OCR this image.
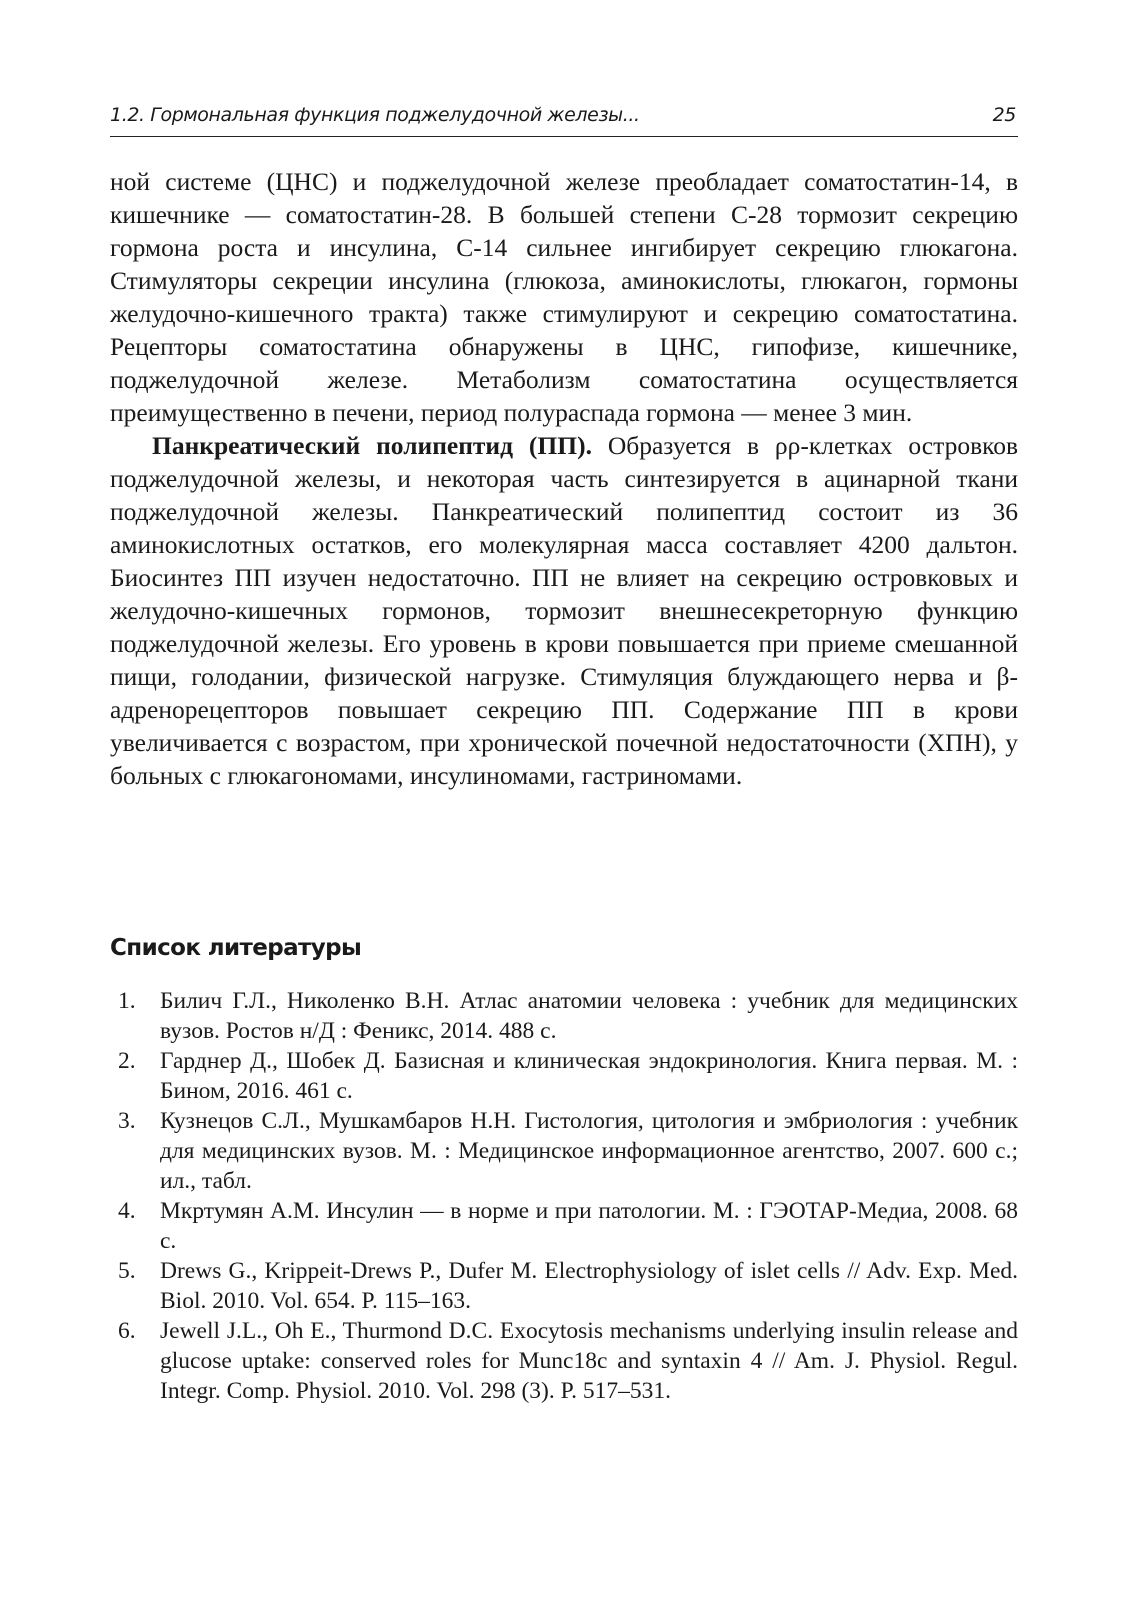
1.2. Гормональная функция поджелудочной железы...	25

ной системе (ЦНС) и поджелудочной железе преобладает соматостатин-14, в кишечнике — соматостатин-28. В большей степени С-28 тормозит секрецию гормона роста и инсулина, С-14 сильнее ингибирует секрецию глюкагона. Стимуляторы секреции инсулина (глюкоза, аминокислоты, глюкагон, гормоны желудочно-кишечного тракта) также стимулируют и секрецию соматостатина. Рецепторы соматостатина обнаружены в ЦНС, гипофизе, кишечнике, поджелудочной железе. Метаболизм соматостатина осуществляется преимущественно в печени, период полураспада гормона — менее 3 мин.

Панкреатический полипептид (ПП). Образуется в ρρ-клетках островков поджелудочной железы, и некоторая часть синтезируется в ацинарной ткани поджелудочной железы. Панкреатический полипептид состоит из 36 аминокислотных остатков, его молекулярная масса составляет 4200 дальтон. Биосинтез ПП изучен недостаточно. ПП не влияет на секрецию островковых и желудочно-кишечных гормонов, тормозит внешнесекреторную функцию поджелудочной железы. Его уровень в крови повышается при приеме смешанной пищи, голодании, физической нагрузке. Стимуляция блуждающего нерва и β-адренорецепторов повышает секрецию ПП. Содержание ПП в крови увеличивается с возрастом, при хронической почечной недостаточности (ХПН), у больных с глюкагономами, инсулиномами, гастриномами.

Список литературы
1. Билич Г.Л., Николенко В.Н. Атлас анатомии человека : учебник для медицинских вузов. Ростов н/Д : Феникс, 2014. 488 с.
2. Гарднер Д., Шобек Д. Базисная и клиническая эндокринология. Книга первая. М. : Бином, 2016. 461 с.
3. Кузнецов С.Л., Мушкамбаров Н.Н. Гистология, цитология и эмбриология : учебник для медицинских вузов. М. : Медицинское информационное агентство, 2007. 600 с.; ил., табл.
4. Мкртумян А.М. Инсулин — в норме и при патологии. М. : ГЭОТАР-Медиа, 2008. 68 с.
5. Drews G., Krippeit-Drews P., Dufer M. Electrophysiology of islet cells // Adv. Exp. Med. Biol. 2010. Vol. 654. P. 115–163.
6. Jewell J.L., Oh E., Thurmond D.C. Exocytosis mechanisms underlying insulin release and glucose uptake: conserved roles for Munc18c and syntaxin 4 // Am. J. Physiol. Regul. Integr. Comp. Physiol. 2010. Vol. 298 (3). P. 517–531.
